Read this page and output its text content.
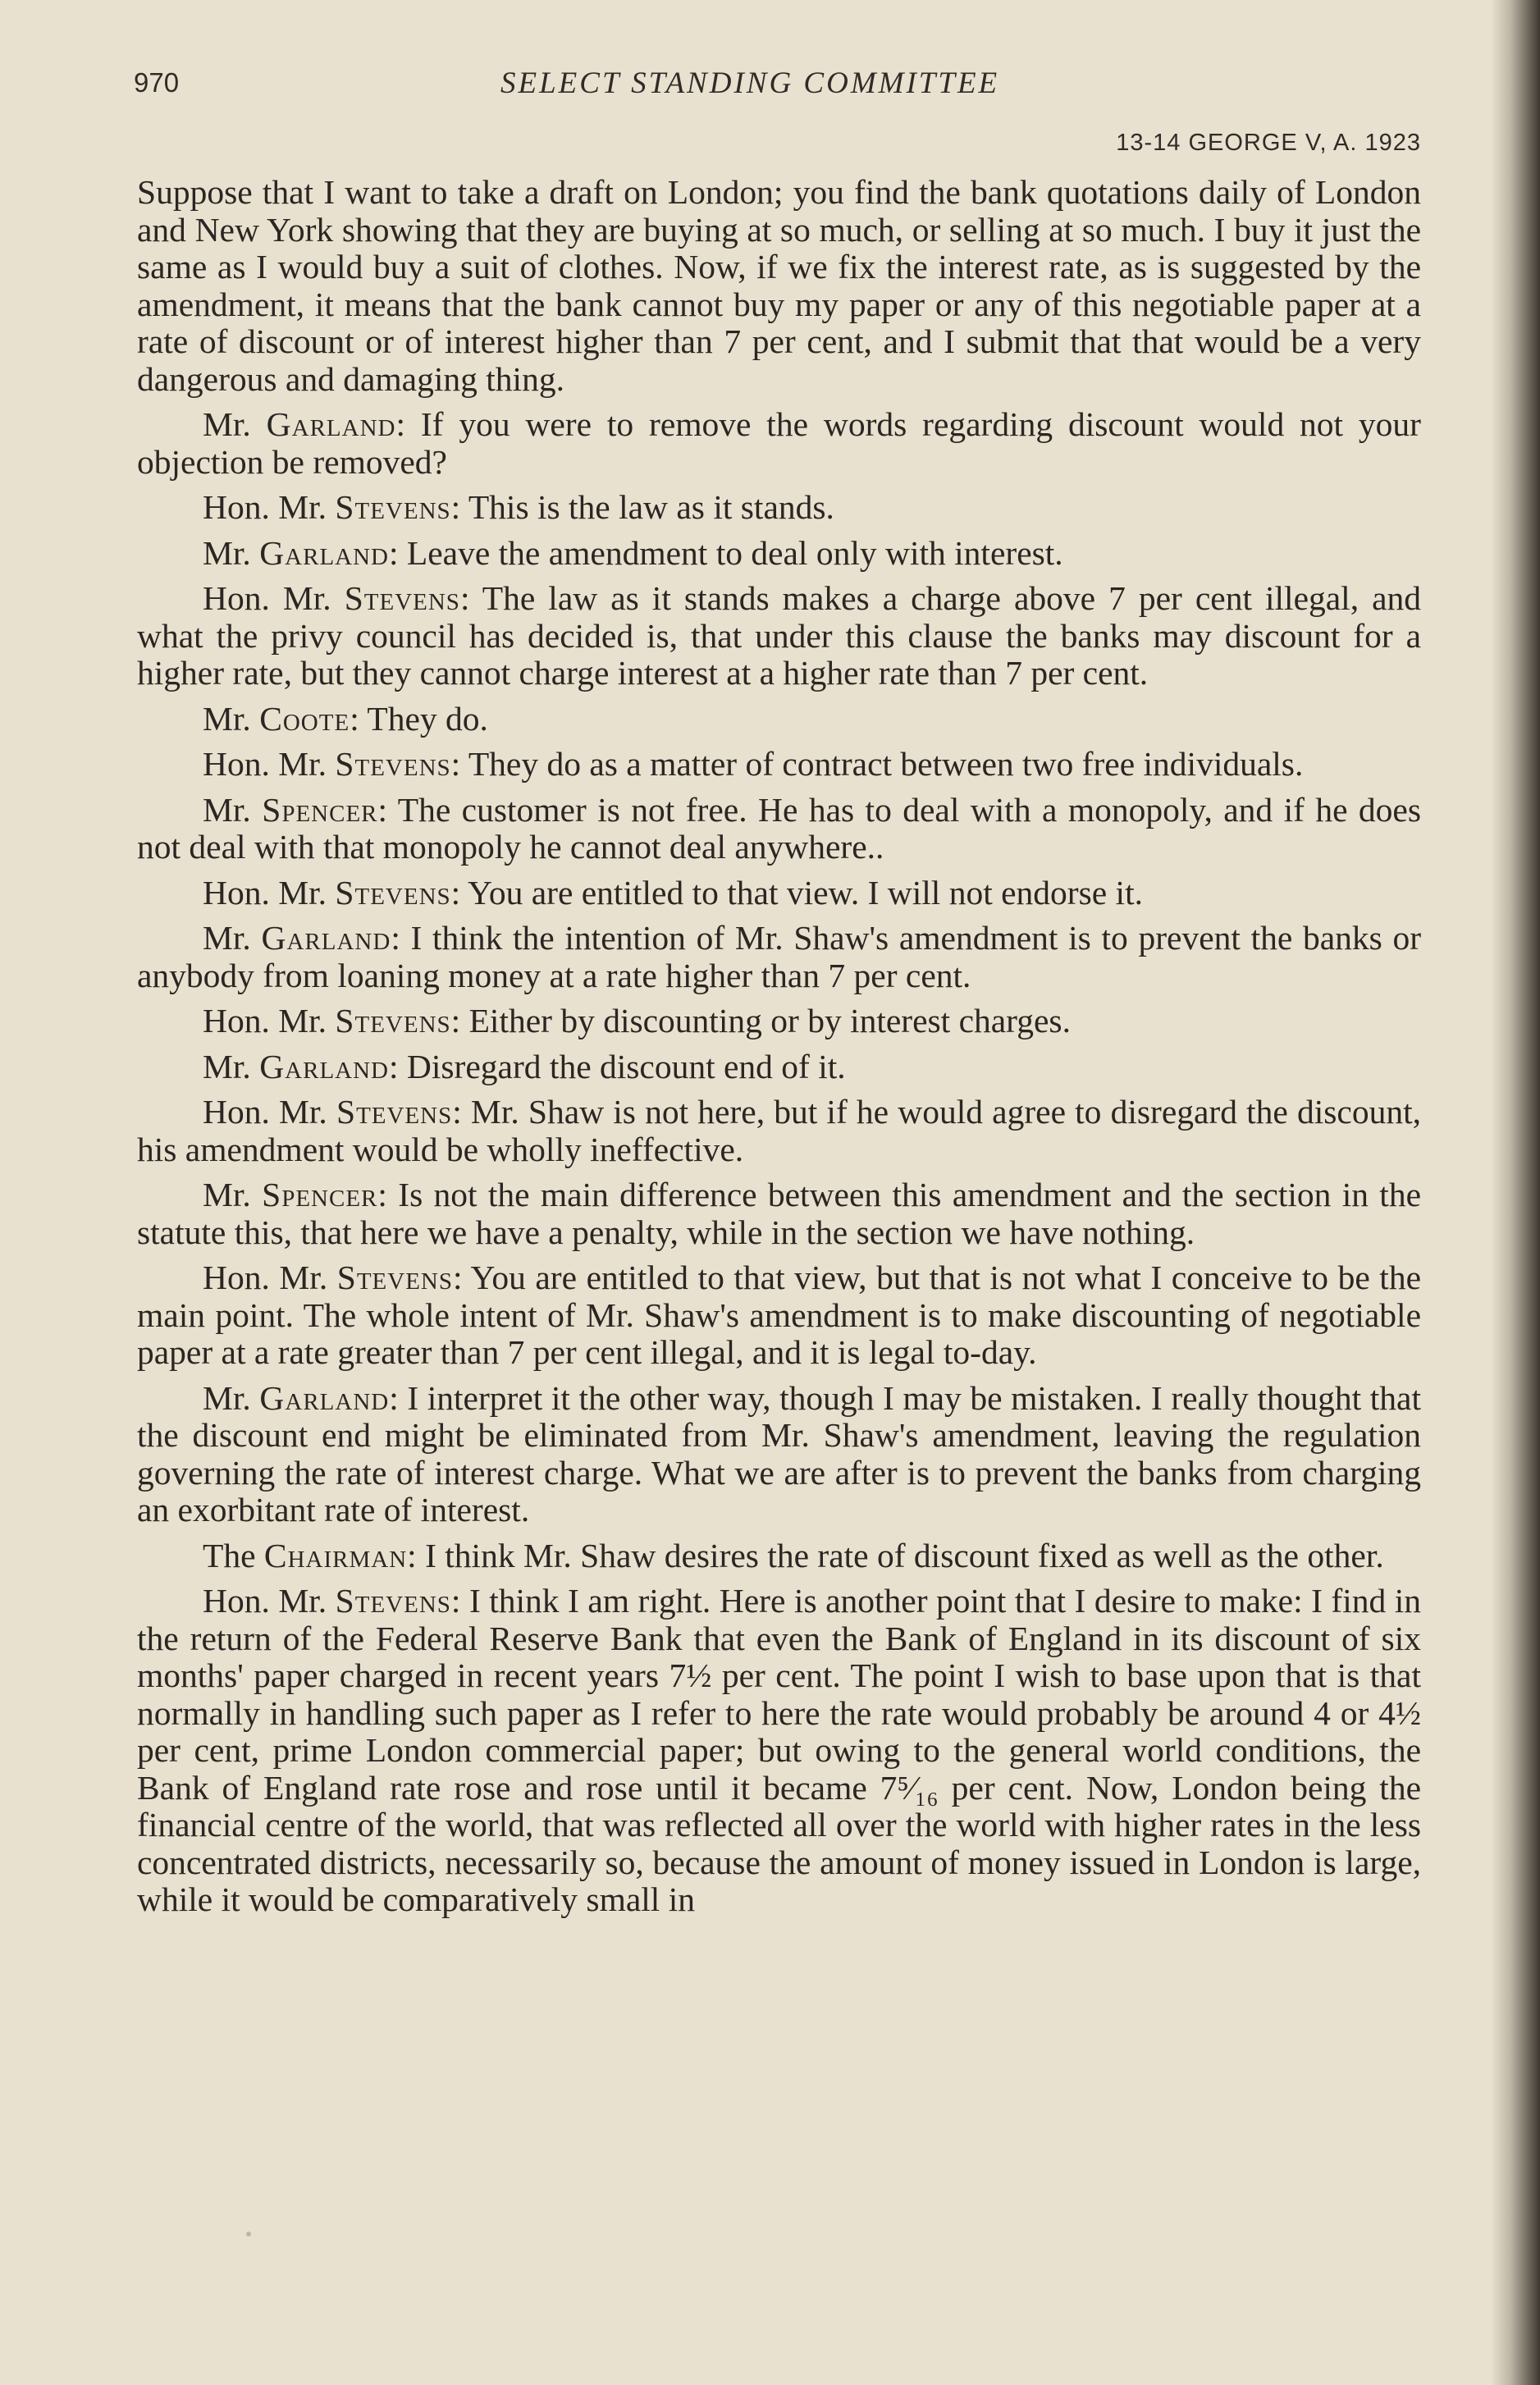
970	SELECT STANDING COMMITTEE
13-14 GEORGE V, A. 1923

Suppose that I want to take a draft on London; you find the bank quotations daily of London and New York showing that they are buying at so much, or selling at so much. I buy it just the same as I would buy a suit of clothes. Now, if we fix the interest rate, as is suggested by the amendment, it means that the bank cannot buy my paper or any of this negotiable paper at a rate of discount or of interest higher than 7 per cent, and I submit that that would be a very dangerous and damaging thing.

Mr. Garland: If you were to remove the words regarding discount would not your objection be removed?

Hon. Mr. Stevens: This is the law as it stands.

Mr. Garland: Leave the amendment to deal only with interest.

Hon. Mr. Stevens: The law as it stands makes a charge above 7 per cent illegal, and what the privy council has decided is, that under this clause the banks may discount for a higher rate, but they cannot charge interest at a higher rate than 7 per cent.

Mr. Coote: They do.

Hon. Mr. Stevens: They do as a matter of contract between two free individuals.

Mr. Spencer: The customer is not free. He has to deal with a monopoly, and if he does not deal with that monopoly he cannot deal anywhere..

Hon. Mr. Stevens: You are entitled to that view. I will not endorse it.

Mr. Garland: I think the intention of Mr. Shaw's amendment is to prevent the banks or anybody from loaning money at a rate higher than 7 per cent.

Hon. Mr. Stevens: Either by discounting or by interest charges.

Mr. Garland: Disregard the discount end of it.

Hon. Mr. Stevens: Mr. Shaw is not here, but if he would agree to disregard the discount, his amendment would be wholly ineffective.

Mr. Spencer: Is not the main difference between this amendment and the section in the statute this, that here we have a penalty, while in the section we have nothing.

Hon. Mr. Stevens: You are entitled to that view, but that is not what I conceive to be the main point. The whole intent of Mr. Shaw's amendment is to make discounting of negotiable paper at a rate greater than 7 per cent illegal, and it is legal to-day.

Mr. Garland: I interpret it the other way, though I may be mistaken. I really thought that the discount end might be eliminated from Mr. Shaw's amendment, leaving the regulation governing the rate of interest charge. What we are after is to prevent the banks from charging an exorbitant rate of interest.

The Chairman: I think Mr. Shaw desires the rate of discount fixed as well as the other.

Hon. Mr. Stevens: I think I am right. Here is another point that I desire to make: I find in the return of the Federal Reserve Bank that even the Bank of England in its discount of six months' paper charged in recent years 7½ per cent. The point I wish to base upon that is that normally in handling such paper as I refer to here the rate would probably be around 4 or 4½ per cent, prime London commercial paper; but owing to the general world conditions, the Bank of England rate rose and rose until it became 7⁵⁄₁₆ per cent. Now, London being the financial centre of the world, that was reflected all over the world with higher rates in the less concentrated districts, necessarily so, because the amount of money issued in London is large, while it would be comparatively small in
